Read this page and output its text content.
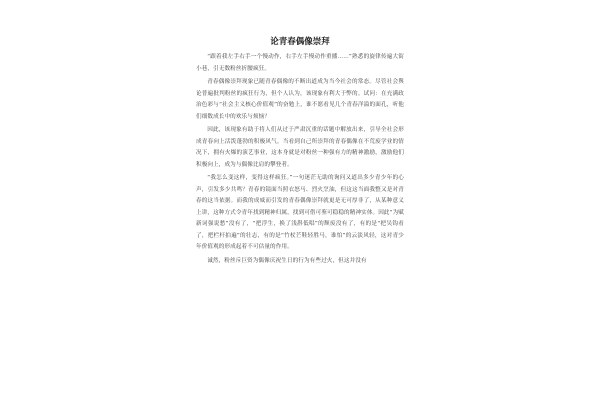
论青春偶像崇拜

“跟着我左手右手一个慢动作，右手左手慢动作重播……”熟悉的旋律传遍大街小巷，引无数粉丝折腰疯狂。

青春偶像崇拜现象已随青春偶像的不断出道成为当今社会的常态。尽管社会舆论普遍批判粉丝的疯狂行为，但个人认为，该现象有利大于弊的。试问：在充满政治色彩与“社会主义核心价值观”的奋勉上，谁不愿看见几个青春洋溢的面孔，听他们细数成长中的欢乐与烦恼？

因此，该现象有助于将人们从过于严肃沉重的话题中解放出来，引导全社会形成青春向上活泼蓬勃的积极风气。当看到自己所崇拜的青春偶像在不荒废学业的情况下，拥有火爆的演艺事业，这本身就是对粉丝一种强有力的精神激励，激励他们积极向上，成为与偶像比肩的攀登者。

“我怎么变这样，变得这样疯狂。”一句迷茫无助的询问又道出多少青少年的心声，引发多少共鸣？青春的镜面当照衣怒马、烈火烹油，但这这当面我整又是对青春的这当依据。而我的成威而引发的青春偶像崇拜就更是无可厚非了，从某种意义上讲，这种方式令青年找到精神归属，找到可借可鉴可稳稳的精神实体。因此“为赋新词强说愁”没有了，“把浮生，换了浅斟低唱”的颓废没有了，有的是“把吴钩看了，把栏杆拍遍”的壮志，有的是“竹杖芒鞋轻胜马，谁怕”的云淡风轻，这对青少年价值观的形成起着不可估量的作用。

诚然，粉丝斥巨资为偶像庆祝生日的行为有些过火，但这并没有
